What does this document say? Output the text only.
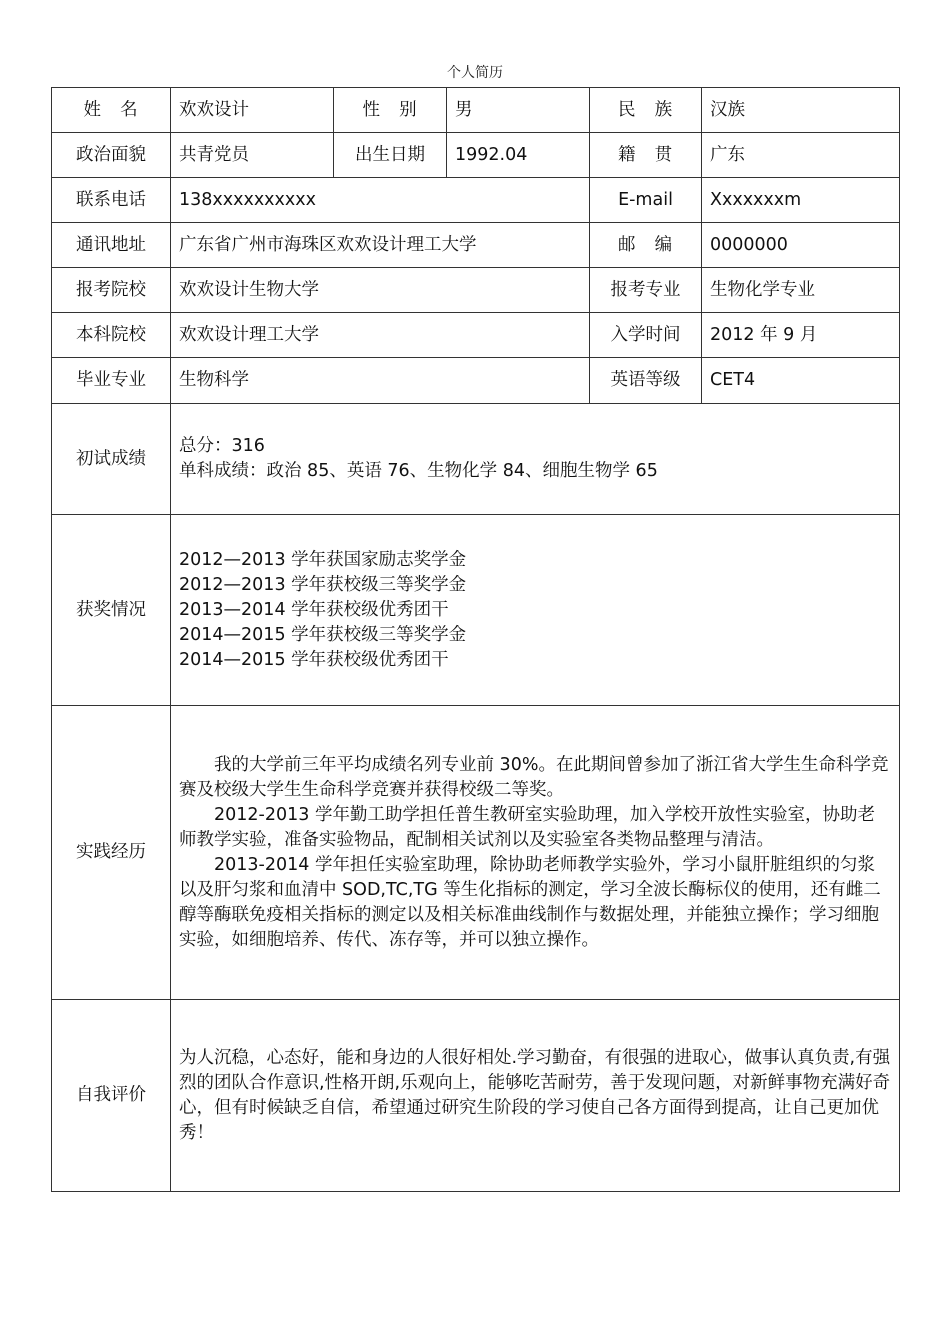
个人简历
姓　名	欢欢设计	性　别	男	民　族	汉族
政治面貌	共青党员	出生日期	1992.04	籍　贯	广东
联系电话	138xxxxxxxxxx			E-mail	Xxxxxxxm
通讯地址	广东省广州市海珠区欢欢设计理工大学			邮　编	0000000
报考院校	欢欢设计生物大学			报考专业	生物化学专业
本科院校	欢欢设计理工大学			入学时间	2012 年 9 月
毕业专业	生物科学			英语等级	CET4
初试成绩	总分：316
单科成绩：政治 85、英语 76、生物化学 84、细胞生物学 65				

获奖情况	2012—2013 学年获国家励志奖学金
2012—2013 学年获校级三等奖学金
2013—2014 学年获校级优秀团干
2014—2015 学年获校级三等奖学金
2014—2015 学年获校级优秀团干				

实践经历	我的大学前三年平均成绩名列专业前 30%。在此期间曾参加了浙江省大学生生命科学竞赛及校级大学生生命科学竞赛并获得校级二等奖。
2012-2013 学年勤工助学担任普生教研室实验助理，加入学校开放性实验室，协助老师教学实验，准备实验物品，配制相关试剂以及实验室各类物品整理与清洁。
2013-2014 学年担任实验室助理，除协助老师教学实验外，学习小鼠肝脏组织的匀浆以及肝匀浆和血清中 SOD,TC,TG 等生化指标的测定，学习全波长酶标仪的使用，还有雌二醇等酶联免疫相关指标的测定以及相关标准曲线制作与数据处理，并能独立操作；学习细胞实验，如细胞培养、传代、冻存等，并可以独立操作。				

自我评价	为人沉稳，心态好，能和身边的人很好相处.学习勤奋，有很强的进取心，做事认真负责,有强烈的团队合作意识,性格开朗,乐观向上，能够吃苦耐劳，善于发现问题，对新鲜事物充满好奇心，但有时候缺乏自信，希望通过研究生阶段的学习使自己各方面得到提高，让自己更加优秀！				
